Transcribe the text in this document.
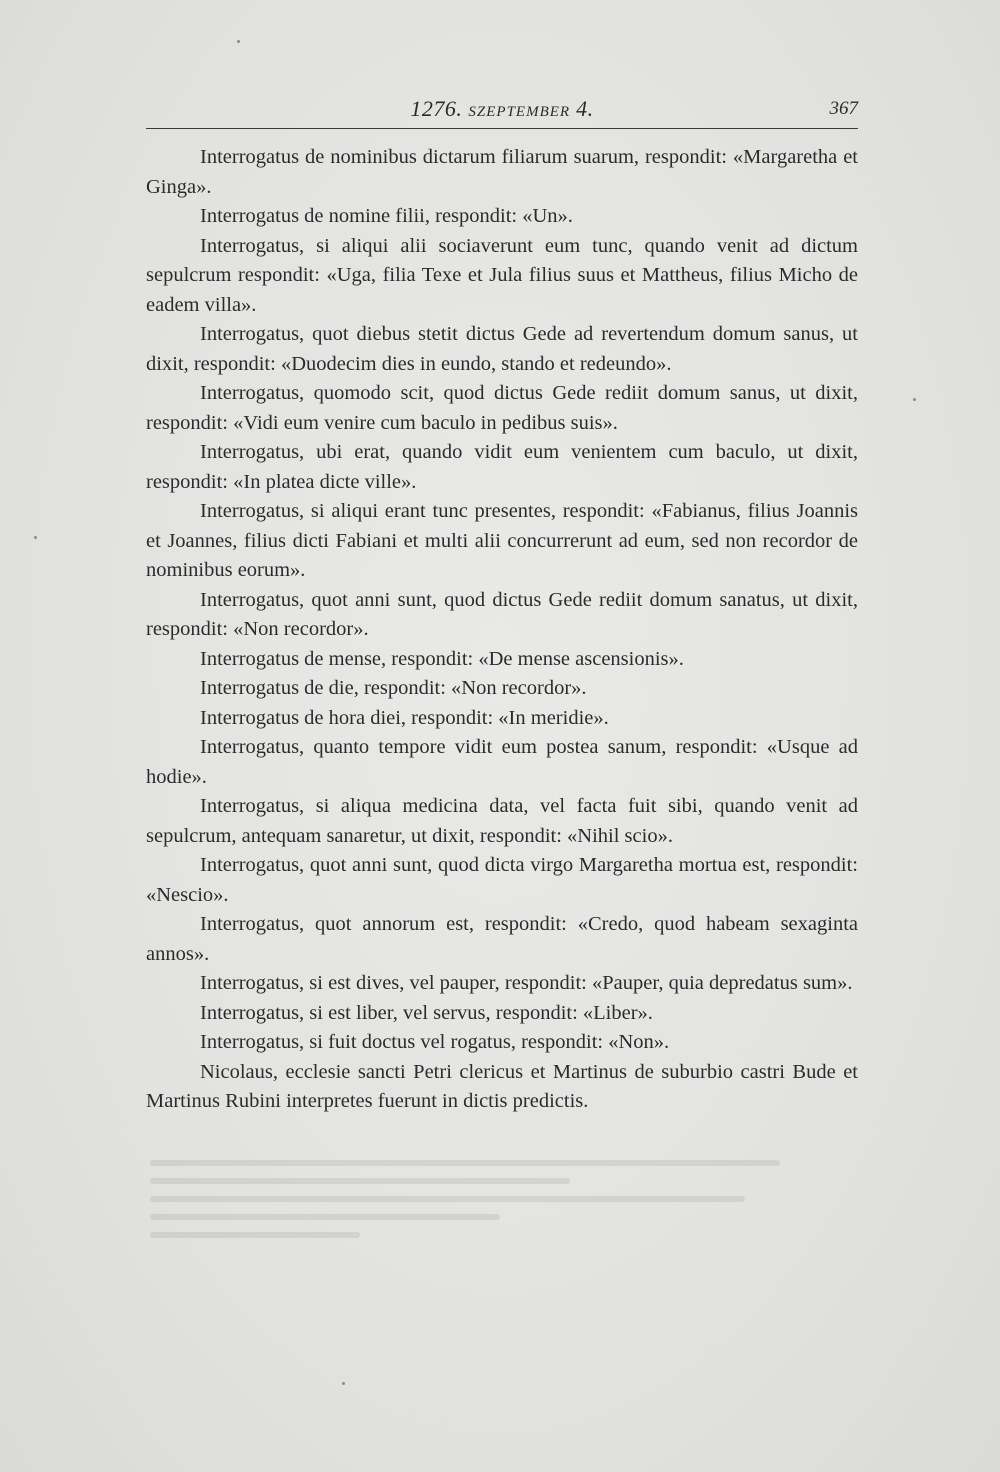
1276. SZEPTEMBER 4.	367

Interrogatus de nominibus dictarum filiarum suarum, respondit: «Margaretha et Ginga».

Interrogatus de nomine filii, respondit: «Un».

Interrogatus, si aliqui alii sociaverunt eum tunc, quando venit ad dictum sepulcrum respondit: «Uga, filia Texe et Jula filius suus et Mattheus, filius Micho de eadem villa».

Interrogatus, quot diebus stetit dictus Gede ad revertendum domum sanus, ut dixit, respondit: «Duodecim dies in eundo, stando et redeundo».

Interrogatus, quomodo scit, quod dictus Gede rediit domum sanus, ut dixit, respondit: «Vidi eum venire cum baculo in pedibus suis».

Interrogatus, ubi erat, quando vidit eum venientem cum baculo, ut dixit, respondit: «In platea dicte ville».

Interrogatus, si aliqui erant tunc presentes, respondit: «Fabianus, filius Joannis et Joannes, filius dicti Fabiani et multi alii concurrerunt ad eum, sed non recordor de nominibus eorum».

Interrogatus, quot anni sunt, quod dictus Gede rediit domum sanatus, ut dixit, respondit: «Non recordor».

Interrogatus de mense, respondit: «De mense ascensionis».

Interrogatus de die, respondit: «Non recordor».

Interrogatus de hora diei, respondit: «In meridie».

Interrogatus, quanto tempore vidit eum postea sanum, respondit: «Usque ad hodie».

Interrogatus, si aliqua medicina data, vel facta fuit sibi, quando venit ad sepulcrum, antequam sanaretur, ut dixit, respondit: «Nihil scio».

Interrogatus, quot anni sunt, quod dicta virgo Margaretha mortua est, respondit: «Nescio».

Interrogatus, quot annorum est, respondit: «Credo, quod habeam sexaginta annos».

Interrogatus, si est dives, vel pauper, respondit: «Pauper, quia depredatus sum».

Interrogatus, si est liber, vel servus, respondit: «Liber».

Interrogatus, si fuit doctus vel rogatus, respondit: «Non».

Nicolaus, ecclesie sancti Petri clericus et Martinus de suburbio castri Bude et Martinus Rubini interpretes fuerunt in dictis predictis.
